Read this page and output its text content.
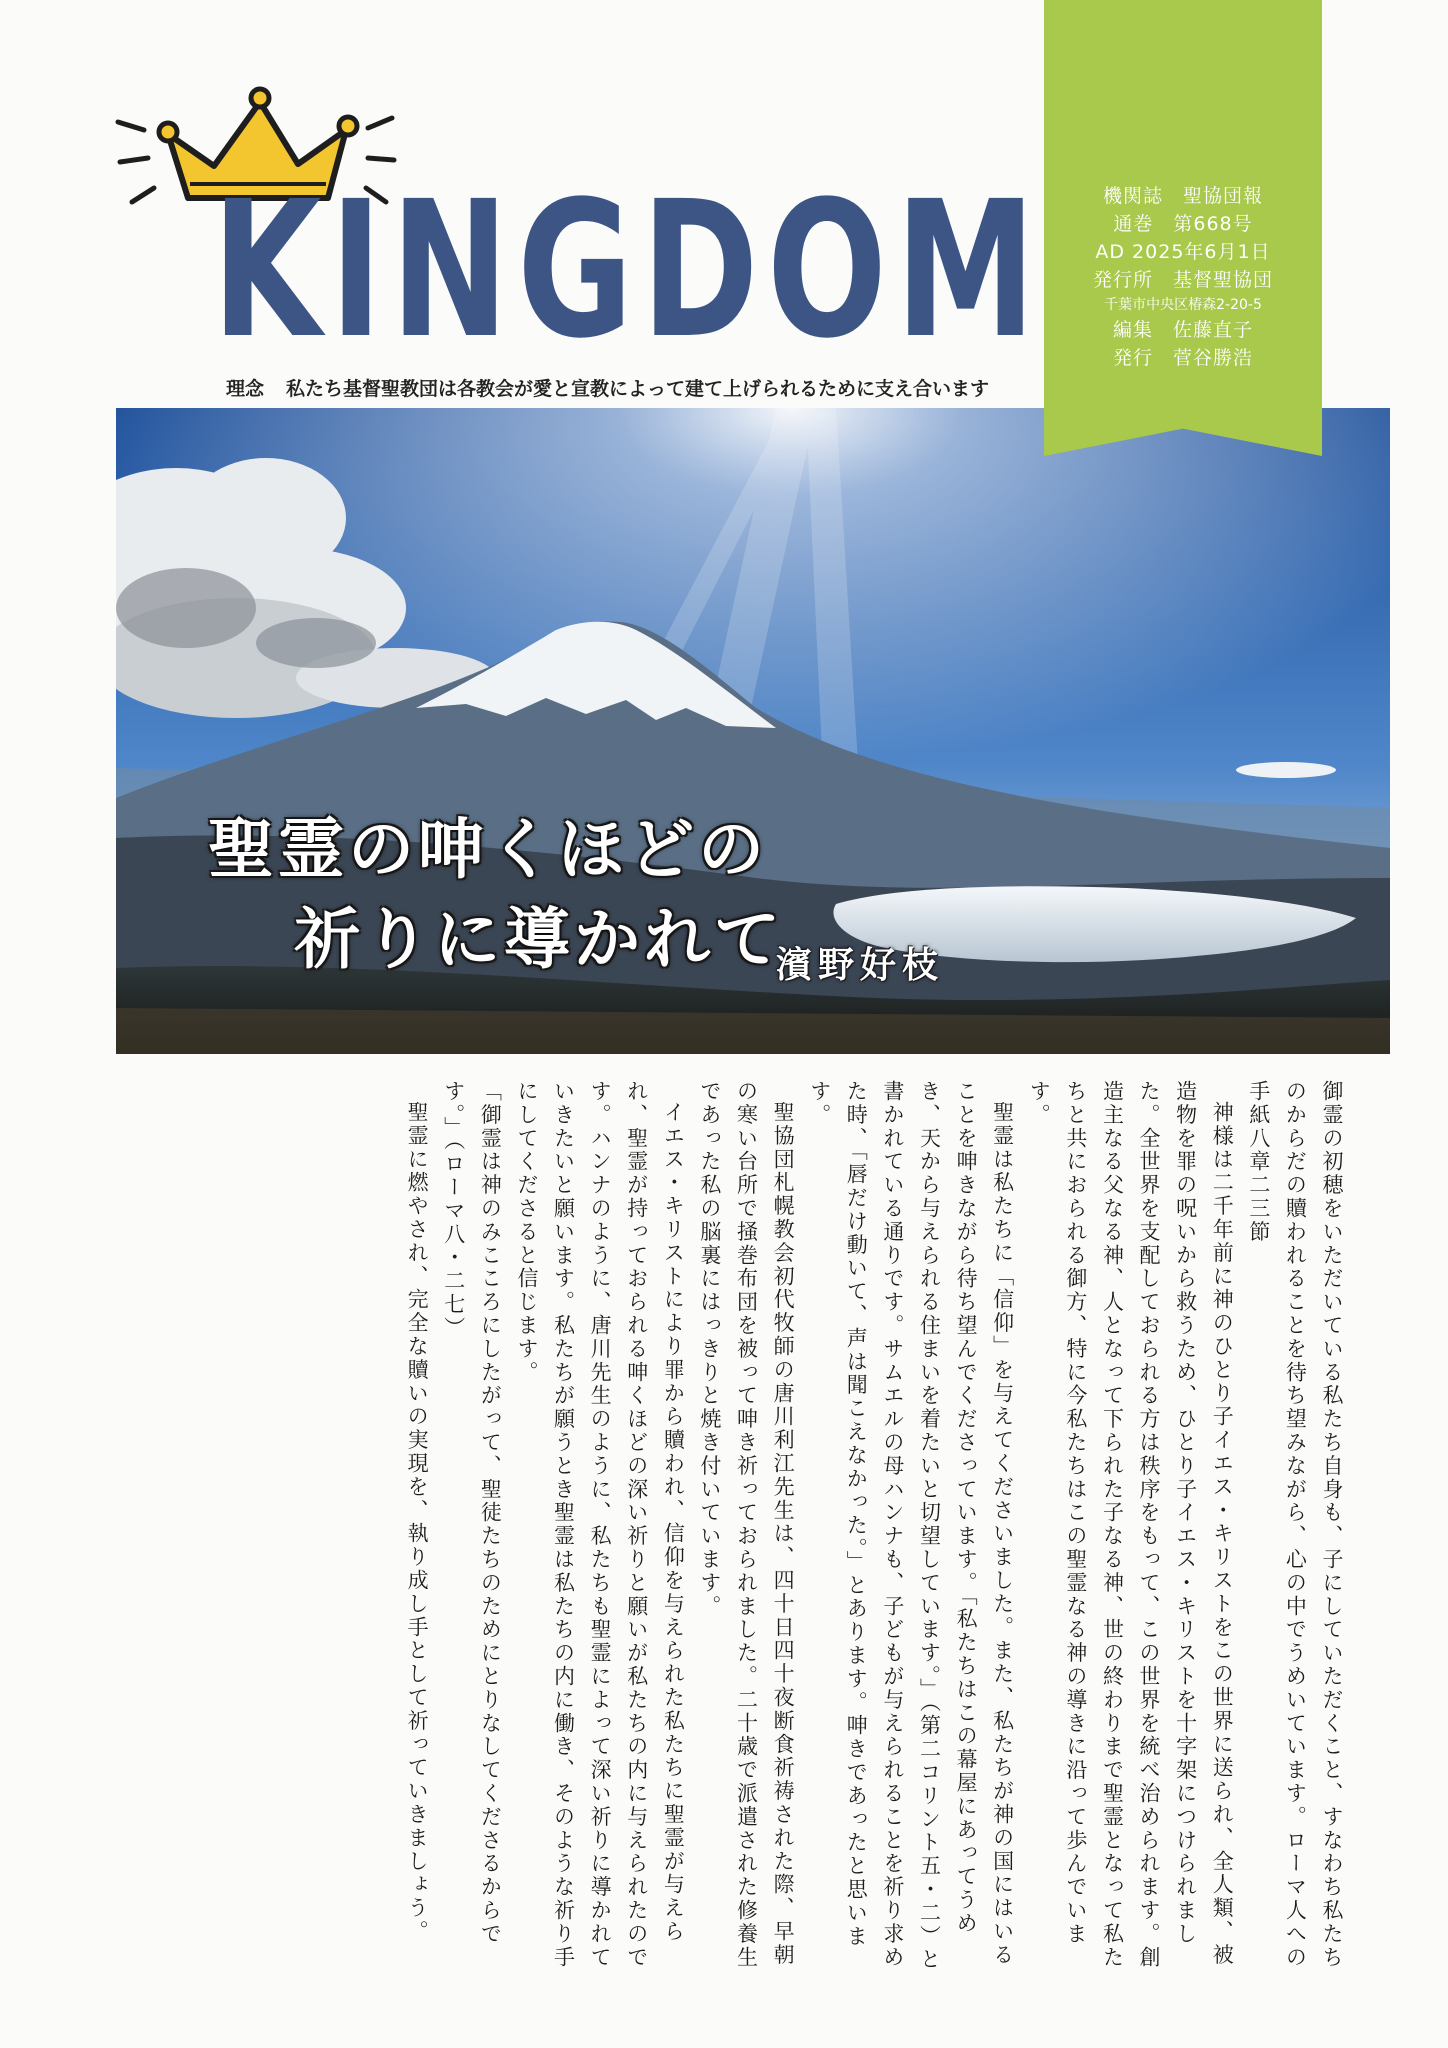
KINGDOM
理念 私たち基督聖教団は各教会が愛と宣教によって建て上げられるために支え合います
聖霊の呻くほどの
祈りに導かれて
濱野好枝
機関誌　聖協団報
通巻　第668号
AD 2025年6月1日
発行所　基督聖協団
千葉市中央区椿森2-20-5
編集　佐藤直子
発行　菅谷勝浩

御霊の初穂をいただいている私たち自身も、子にしていただくこと、すなわち私たちのからだの贖われることを待ち望みながら、心の中でうめいています。ローマ人への手紙八章二三節

神様は二千年前に神のひとり子イエス・キリストをこの世界に送られ、全人類、被造物を罪の呪いから救うため、ひとり子イエス・キリストを十字架につけられました。全世界を支配しておられる方は秩序をもって、この世界を統べ治められます。創造主なる父なる神、人となって下られた子なる神、世の終わりまで聖霊となって私たちと共におられる御方、特に今私たちはこの聖霊なる神の導きに沿って歩んでいます。

聖霊は私たちに「信仰」を与えてくださいました。また、私たちが神の国にはいることを呻きながら待ち望んでくださっています。「私たちはこの幕屋にあってうめき、天から与えられる住まいを着たいと切望しています。」（第二コリント五・二）と書かれている通りです。サムエルの母ハンナも、子どもが与えられることを祈り求めた時、「唇だけ動いて、声は聞こえなかった。」とあります。呻きであったと思います。

聖協団札幌教会初代牧師の唐川利江先生は、四十日四十夜断食祈祷された際、早朝の寒い台所で掻巻布団を被って呻き祈っておられました。二十歳で派遣された修養生であった私の脳裏にはっきりと焼き付いています。

イエス・キリストにより罪から贖われ、信仰を与えられた私たちに聖霊が与えられ、聖霊が持っておられる呻くほどの深い祈りと願いが私たちの内に与えられたのです。ハンナのように、唐川先生のように、私たちも聖霊によって深い祈りに導かれていきたいと願います。私たちが願うとき聖霊は私たちの内に働き、そのような祈り手にしてくださると信じます。

「御霊は神のみこころにしたがって、聖徒たちのためにとりなしてくださるからです。」（ローマ八・二七）

聖霊に燃やされ、完全な贖いの実現を、執り成し手として祈っていきましょう。
